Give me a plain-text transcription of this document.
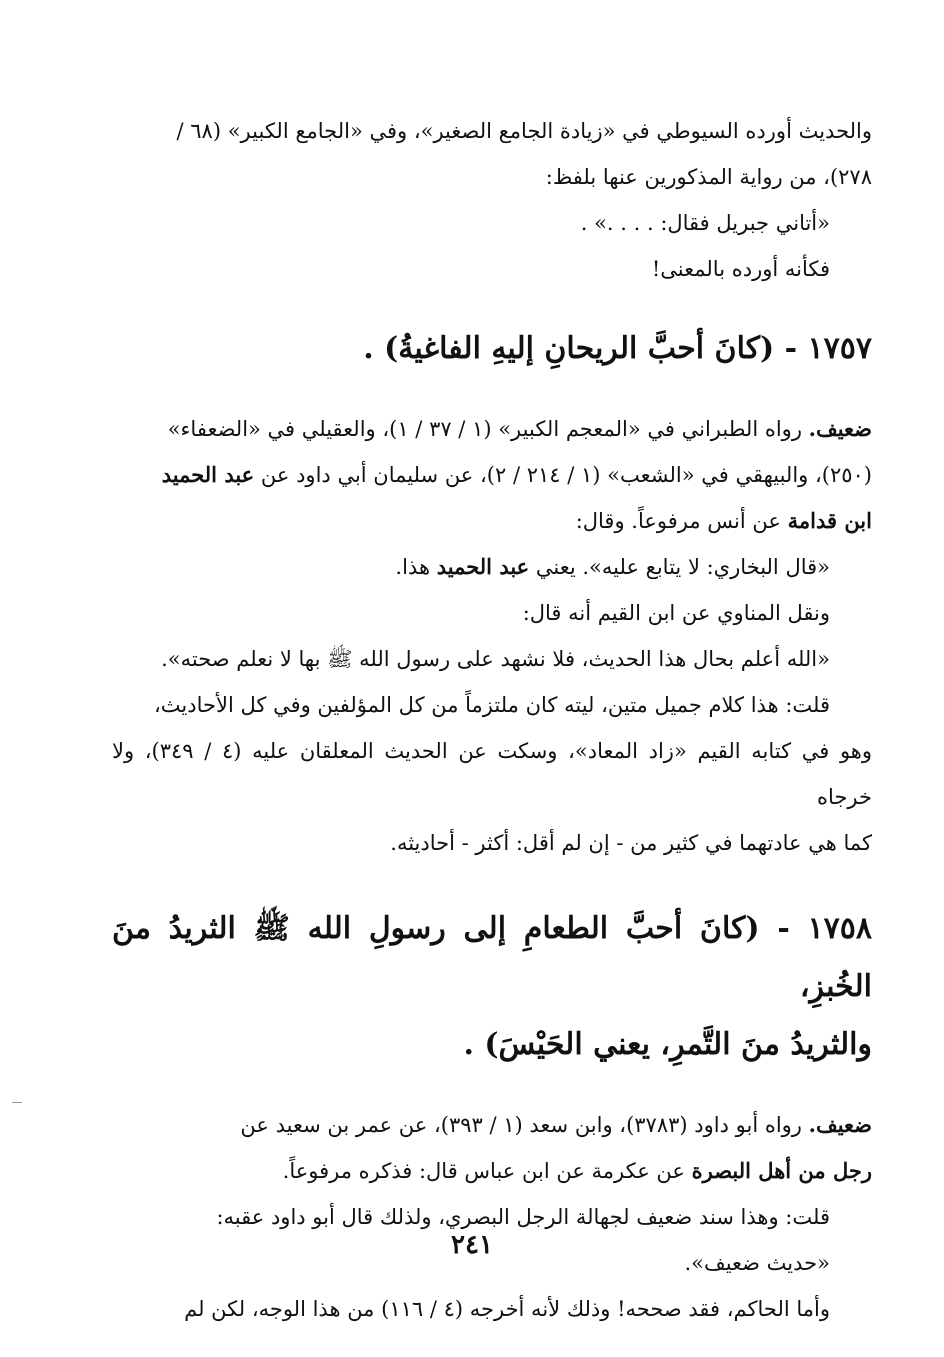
والحديث أورده السيوطي في «زيادة الجامع الصغير»، وفي «الجامع الكبير» (٦٨ /

٢٧٨)، من رواية المذكورين عنها بلفظ:

«أتاني جبريل فقال: . . . .» .

فكأنه أورده بالمعنى!

١٧٥٧ - (كانَ أحبَّ الريحانِ إليهِ الفاغيةُ) .

ضعيف. رواه الطبراني في «المعجم الكبير» (١ / ٣٧ / ١)، والعقيلي في «الضعفاء»

(٢٥٠)، والبيهقي في «الشعب» (١ / ٢١٤ / ٢)، عن سليمان أبي داود عن عبد الحميد

ابن قدامة عن أنس مرفوعاً. وقال:

«قال البخاري: لا يتابع عليه». يعني عبد الحميد هذا.

ونقل المناوي عن ابن القيم أنه قال:

«الله أعلم بحال هذا الحديث، فلا نشهد على رسول الله ﷺ بها لا نعلم صحته».

قلت: هذا كلام جميل متين، ليته كان ملتزماً من كل المؤلفين وفي كل الأحاديث،

وهو في كتابه القيم «زاد المعاد»، وسكت عن الحديث المعلقان عليه (٤ / ٣٤٩)، ولا خرجاه

كما هي عادتهما في كثير من - إن لم أقل: أكثر - أحاديثه.

١٧٥٨ - (كانَ أحبَّ الطعامِ إلى رسولِ الله ﷺ الثريدُ منَ الخُبزِ،
والثريدُ منَ التَّمرِ، يعني الحَيْسَ) .

ضعيف. رواه أبو داود (٣٧٨٣)، وابن سعد (١ / ٣٩٣)، عن عمر بن سعيد عن

رجل من أهل البصرة عن عكرمة عن ابن عباس قال: فذكره مرفوعاً.

قلت: وهذا سند ضعيف لجهالة الرجل البصري، ولذلك قال أبو داود عقبه:

«حديث ضعيف».

وأما الحاكم، فقد صححه! وذلك لأنه أخرجه (٤ / ١١٦) من هذا الوجه، لكن لم

٢٤١
